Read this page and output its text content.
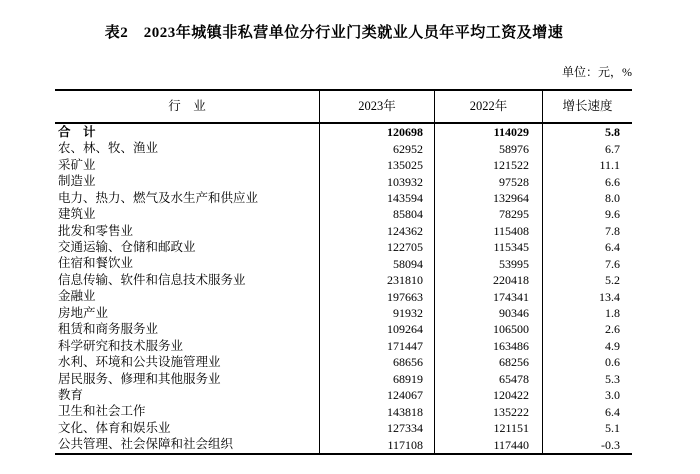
表2　2023年城镇非私营单位分行业门类就业人员年平均工资及增速
单位：元，%
行　业	2023年	2022年	增长速度
合　计	120698	114029	5.8
农、林、牧、渔业	62952	58976	6.7
采矿业	135025	121522	11.1
制造业	103932	97528	6.6
电力、热力、燃气及水生产和供应业	143594	132964	8.0
建筑业	85804	78295	9.6
批发和零售业	124362	115408	7.8
交通运输、仓储和邮政业	122705	115345	6.4
住宿和餐饮业	58094	53995	7.6
信息传输、软件和信息技术服务业	231810	220418	5.2
金融业	197663	174341	13.4
房地产业	91932	90346	1.8
租赁和商务服务业	109264	106500	2.6
科学研究和技术服务业	171447	163486	4.9
水利、环境和公共设施管理业	68656	68256	0.6
居民服务、修理和其他服务业	68919	65478	5.3
教育	124067	120422	3.0
卫生和社会工作	143818	135222	6.4
文化、体育和娱乐业	127334	121151	5.1
公共管理、社会保障和社会组织	117108	117440	-0.3
